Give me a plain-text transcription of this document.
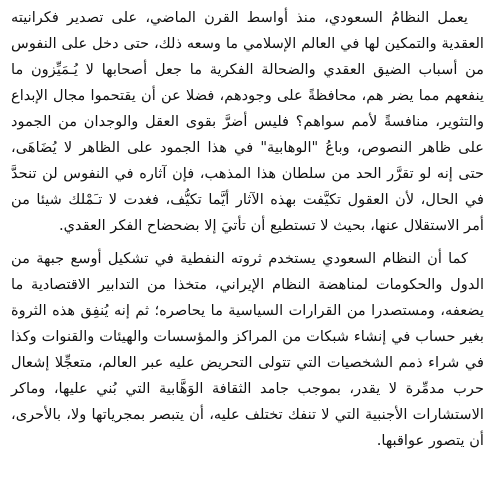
يعمل النظامُ السعودي، منذ أواسط القرن الماضي، على تصدير فكرانيته العقدية والتمكين لها في العالم الإسلامي ما وسعه ذلك، حتى دخل على النفوس من أسباب الضيق العقدي والضحالة الفكرية ما جعل أصحابها لا يُـمَيِّزون ما ينفعهم مما يضر هم، محافظةً على وجودهم، فضلا عن أن يقتحموا مجال الإبداع والتثوير، منافسةً لأمم سواهم؟ فليس أضرَّ بقوى العقل والوجدان من الجمود على ظاهر النصوص، وباعُ "الوهابية" في هذا الجمود على الظاهر لا يُضَاهَى، حتى إنه لو تقرَّر الحد من سلطان هذا المذهب، فإن آثاره في النفوس لن تنحدَّ في الحال، لأن العقول تكيَّفت بهذه الآثار أيَّما تكيُّف، فغدت لا تـَمْلك شيئا من أمر الاستقلال عنها، بحيث لا تستطيع أن تأتيَ إلا بضحضاح الفكر العقدي.

كما أن النظام السعودي يستخدم ثروته النفطية في تشكيل أوسع جبهة من الدول والحكومات لمناهضة النظام الإيراني، متخذا من التدابير الاقتصادية ما يضعفه، ومستصدرا من القرارات السياسية ما يحاصره؛ ثم إنه يُنفِق هذه الثروة بغير حساب في إنشاء شبكات من المراكز والمؤسسات والهيئات والقنوات وكذا في شراء ذمم الشخصيات التي تتولى التحريض عليه عبر العالم، متعجِّلا إشعال حرب مدمِّرة لا يقدر، بموجب جامد الثقافة الوَهَّابية التي بُني عليها، وماكر الاستشارات الأجنبية التي لا تنفك تختلف عليه، أن يتبصر بمجرياتها ولا، بالأحرى، أن يتصور عواقبها.
